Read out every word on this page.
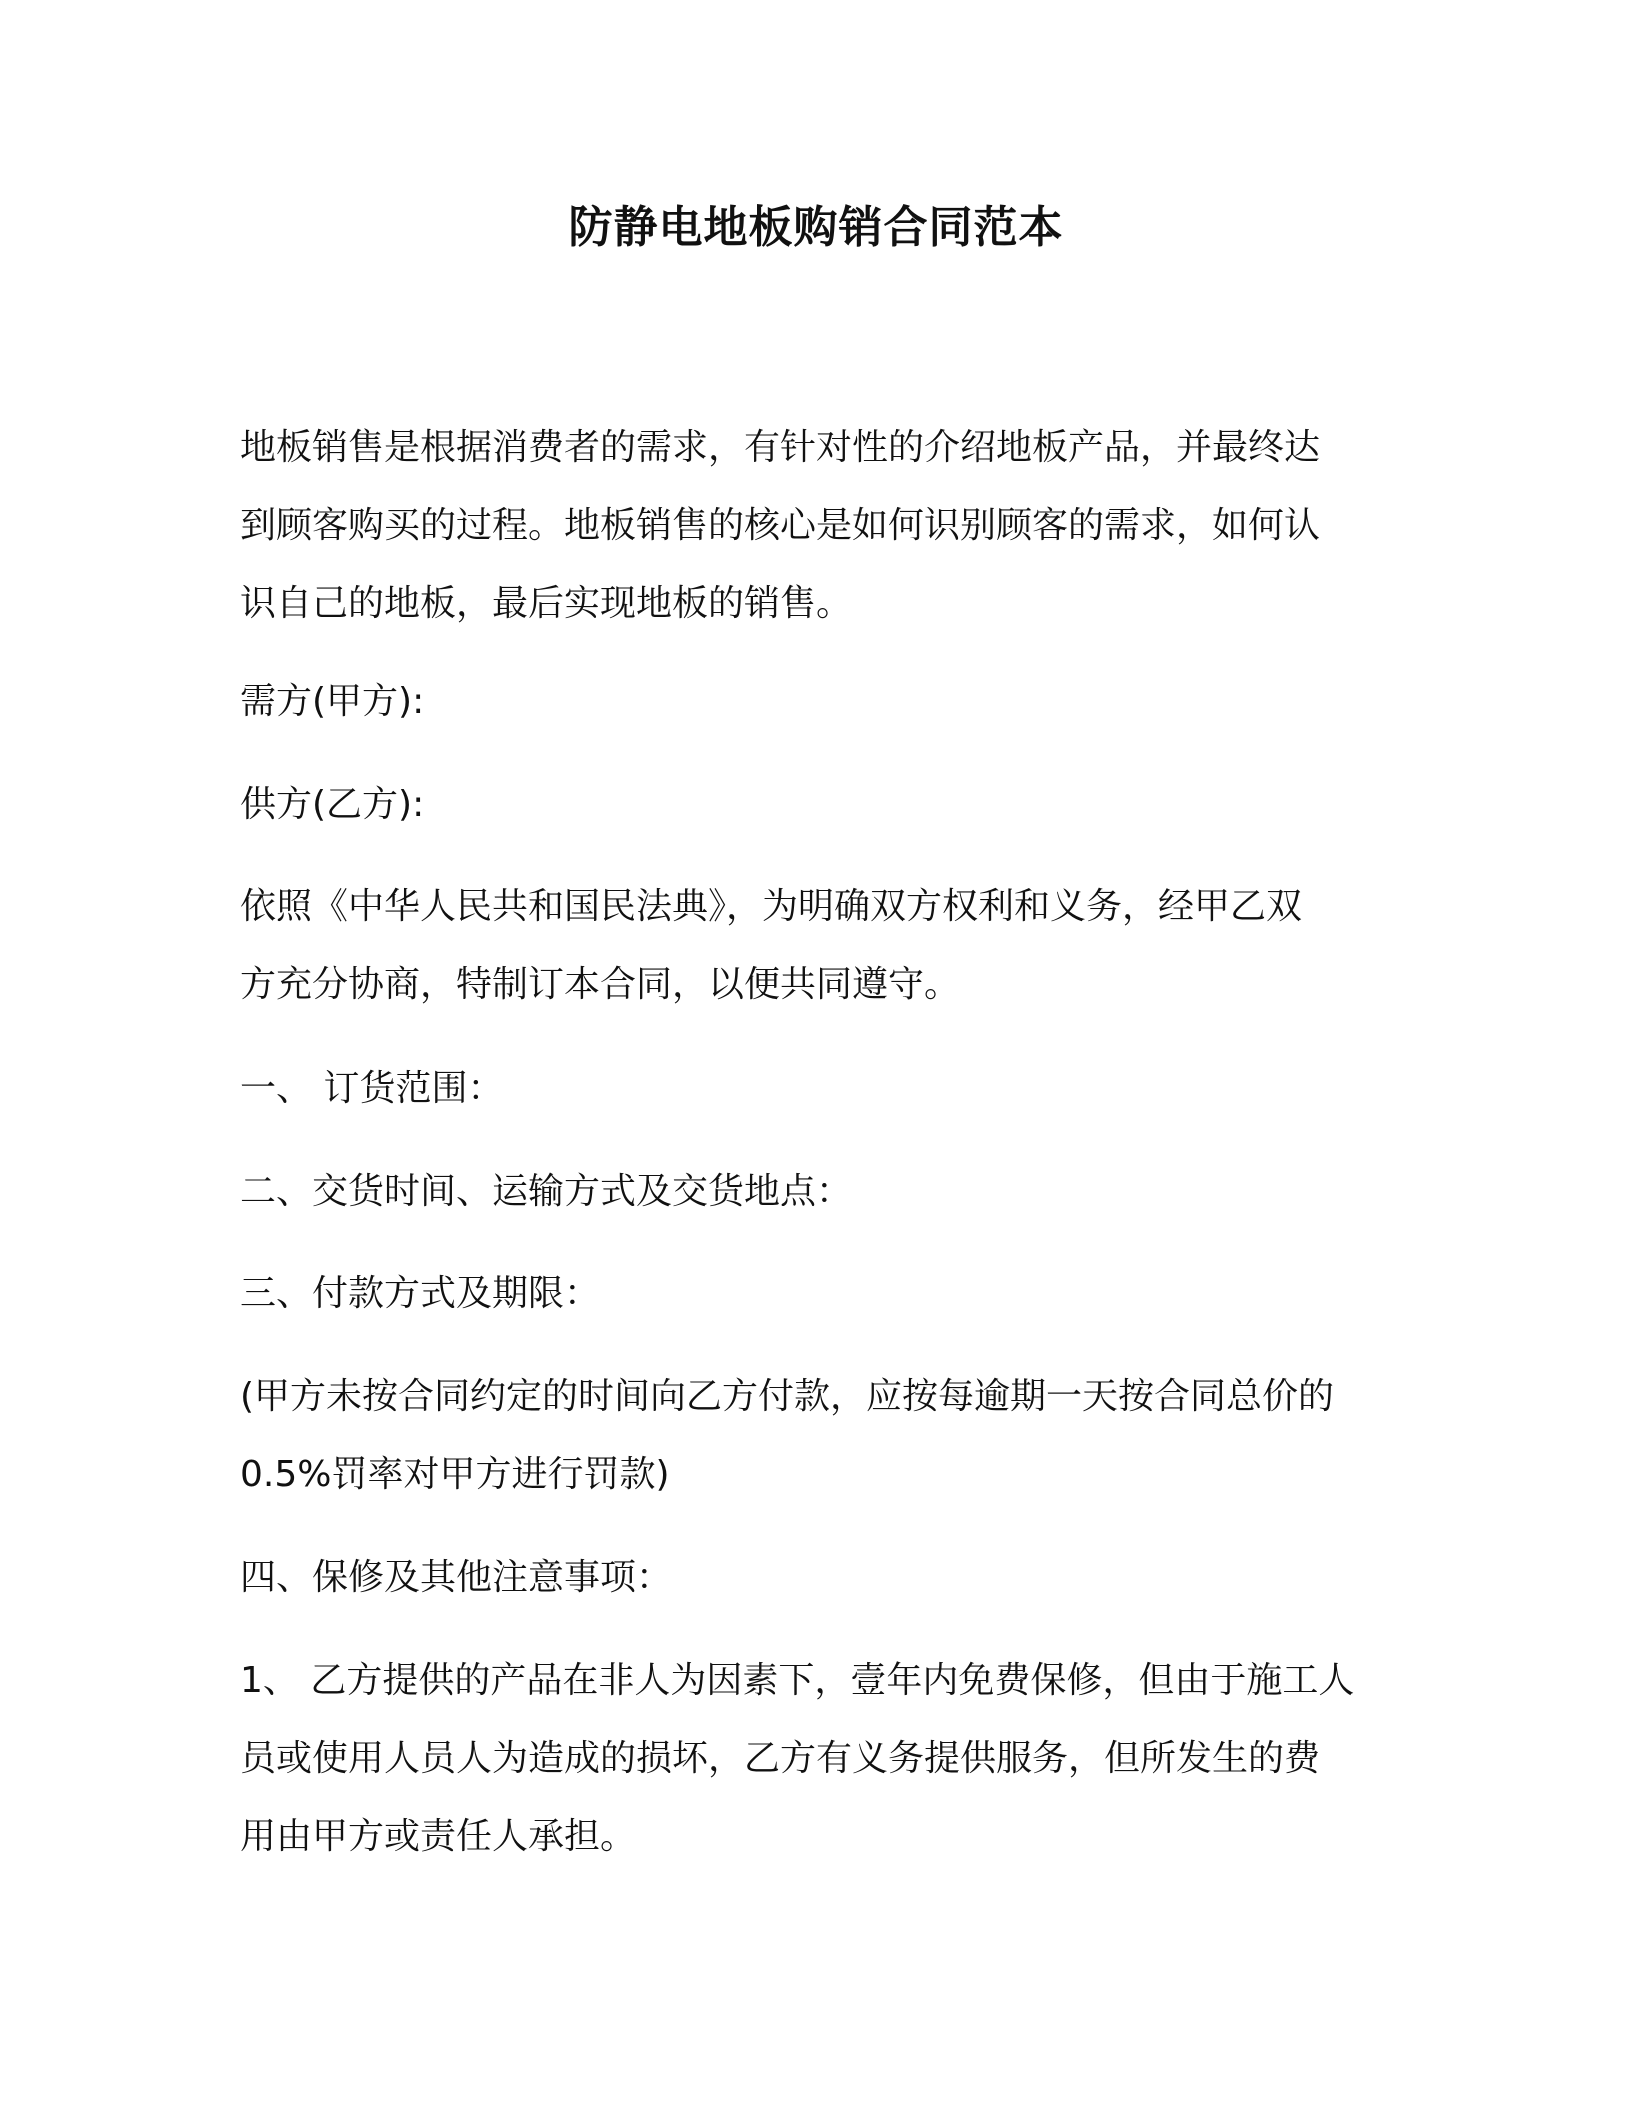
防静电地板购销合同范本

地板销售是根据消费者的需求，有针对性的介绍地板产品，并最终达
到顾客购买的过程。地板销售的核心是如何识别顾客的需求，如何认
识自己的地板，最后实现地板的销售。

需方(甲方):

供方(乙方):

依照《中华人民共和国民法典》，为明确双方权利和义务，经甲乙双
方充分协商，特制订本合同，以便共同遵守。

一、 订货范围：

二、交货时间、运输方式及交货地点：

三、付款方式及期限：

(甲方未按合同约定的时间向乙方付款，应按每逾期一天按合同总价的
0.5%罚率对甲方进行罚款)

四、保修及其他注意事项：

1、 乙方提供的产品在非人为因素下，壹年内免费保修，但由于施工人
员或使用人员人为造成的损坏，乙方有义务提供服务，但所发生的费
用由甲方或责任人承担。
